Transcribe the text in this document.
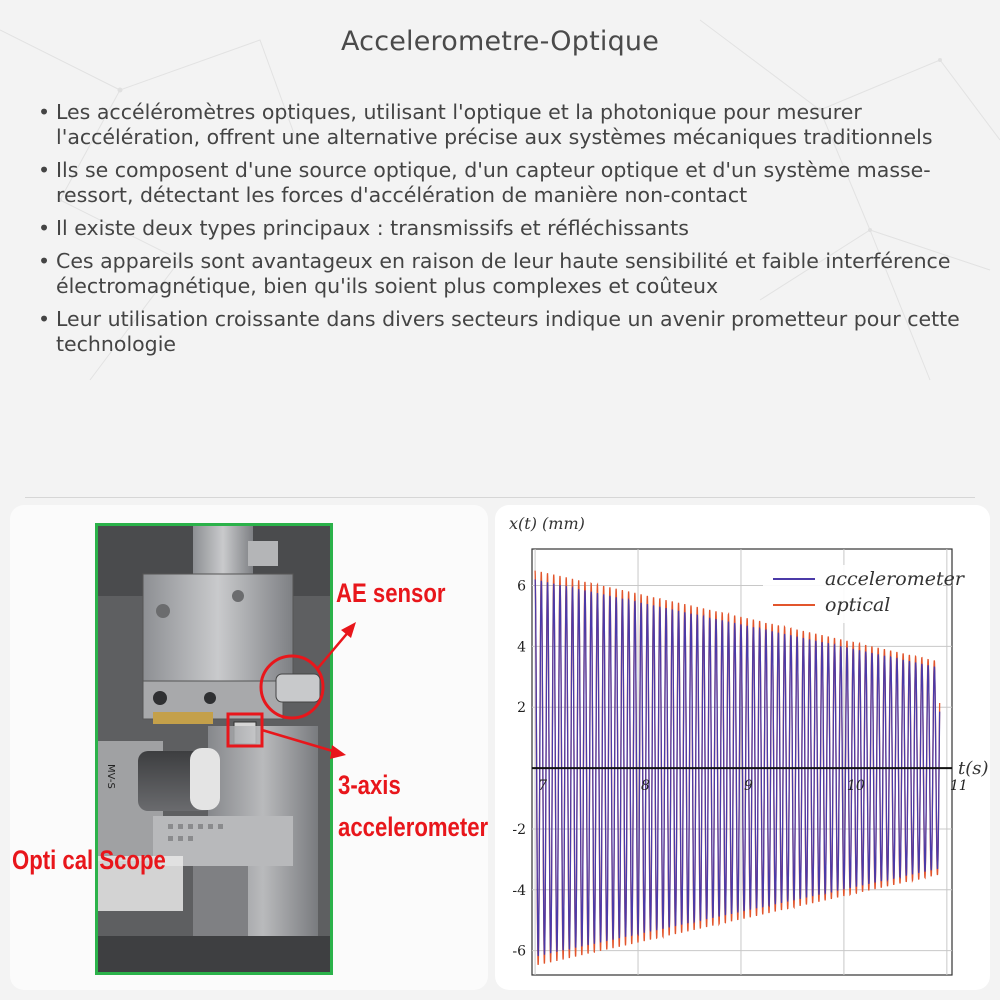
Accelerometre-Optique
• Les accéléromètres optiques, utilisant l'optique et la photonique pour mesurer l'accélération, offrent une alternative précise aux systèmes mécaniques traditionnels
• Ils se composent d'une source optique, d'un capteur optique et d'un système masse-ressort, détectant les forces d'accélération de manière non-contact
• Il existe deux types principaux : transmissifs et réfléchissants
• Ces appareils sont avantageux en raison de leur haute sensibilité et faible interférence électromagnétique, bien qu'ils soient plus complexes et coûteux
• Leur utilisation croissante dans divers secteurs indique un avenir prometteur pour cette technologie
MV-S
AE sensor
3-axis
accelerometer
Opti cal Scope
x(t) (mm)
7	8	9	10	11
6
4
2
-2
-4
-6
t(s)
accelerometer
optical
